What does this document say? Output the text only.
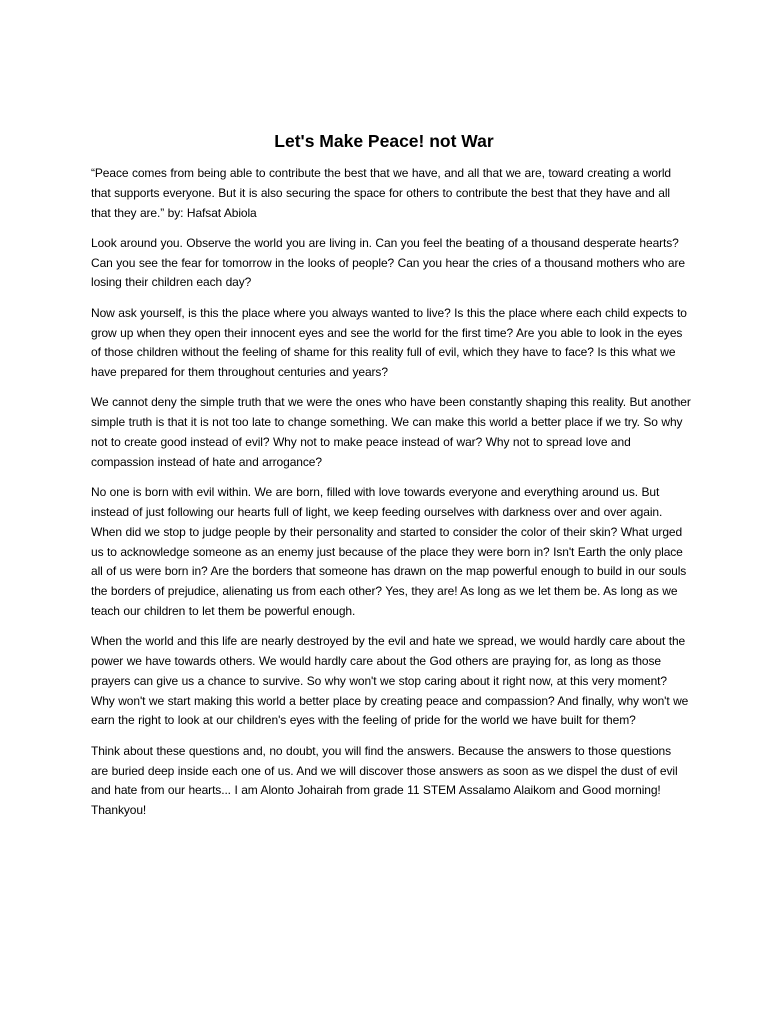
Let's Make Peace! not War

“Peace comes from being able to contribute the best that we have, and all that we are, toward creating a world that supports everyone. But it is also securing the space for others to contribute the best that they have and all that they are.” by: Hafsat Abiola

Look around you. Observe the world you are living in. Can you feel the beating of a thousand desperate hearts? Can you see the fear for tomorrow in the looks of people? Can you hear the cries of a thousand mothers who are losing their children each day?

Now ask yourself, is this the place where you always wanted to live? Is this the place where each child expects to grow up when they open their innocent eyes and see the world for the first time? Are you able to look in the eyes of those children without the feeling of shame for this reality full of evil, which they have to face? Is this what we have prepared for them throughout centuries and years?

We cannot deny the simple truth that we were the ones who have been constantly shaping this reality. But another simple truth is that it is not too late to change something. We can make this world a better place if we try. So why not to create good instead of evil? Why not to make peace instead of war? Why not to spread love and compassion instead of hate and arrogance?

No one is born with evil within. We are born, filled with love towards everyone and everything around us. But instead of just following our hearts full of light, we keep feeding ourselves with darkness over and over again. When did we stop to judge people by their personality and started to consider the color of their skin? What urged us to acknowledge someone as an enemy just because of the place they were born in? Isn't Earth the only place all of us were born in? Are the borders that someone has drawn on the map powerful enough to build in our souls the borders of prejudice, alienating us from each other? Yes, they are! As long as we let them be. As long as we teach our children to let them be powerful enough.

When the world and this life are nearly destroyed by the evil and hate we spread, we would hardly care about the power we have towards others. We would hardly care about the God others are praying for, as long as those prayers can give us a chance to survive. So why won't we stop caring about it right now, at this very moment? Why won't we start making this world a better place by creating peace and compassion? And finally, why won't we earn the right to look at our children's eyes with the feeling of pride for the world we have built for them?

Think about these questions and, no doubt, you will find the answers. Because the answers to those questions are buried deep inside each one of us. And we will discover those answers as soon as we dispel the dust of evil and hate from our hearts... I am Alonto Johairah from grade 11 STEM Assalamo Alaikom and Good morning! Thankyou!
